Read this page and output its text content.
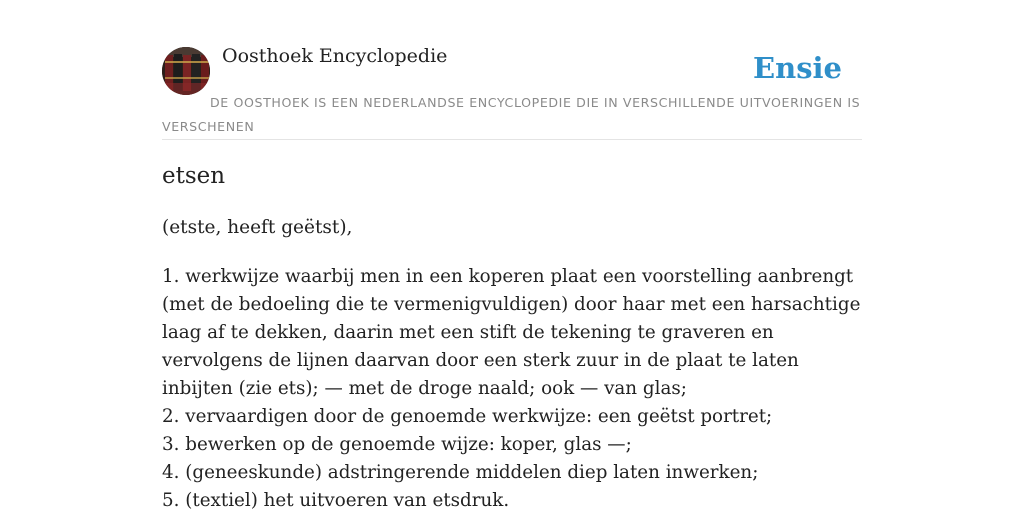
Oosthoek Encyclopedie	Ensie
DE OOSTHOEK IS EEN NEDERLANDSE ENCYCLOPEDIE DIE IN VERSCHILLENDE UITVOERINGEN IS VERSCHENEN
etsen
(etste, heeft geëtst),
1. werkwijze waarbij men in een koperen plaat een voorstelling aanbrengt (met de bedoeling die te vermenigvuldigen) door haar met een harsachtige laag af te dekken, daarin met een stift de tekening te graveren en vervolgens de lijnen daarvan door een sterk zuur in de plaat te laten inbijten (zie ets); — met de droge naald; ook — van glas;
2. vervaardigen door de genoemde werkwijze: een geëtst portret;
3. bewerken op de genoemde wijze: koper, glas —;
4. (geneeskunde) adstringerende middelen diep laten inwerken;
5. (textiel) het uitvoeren van etsdruk.
